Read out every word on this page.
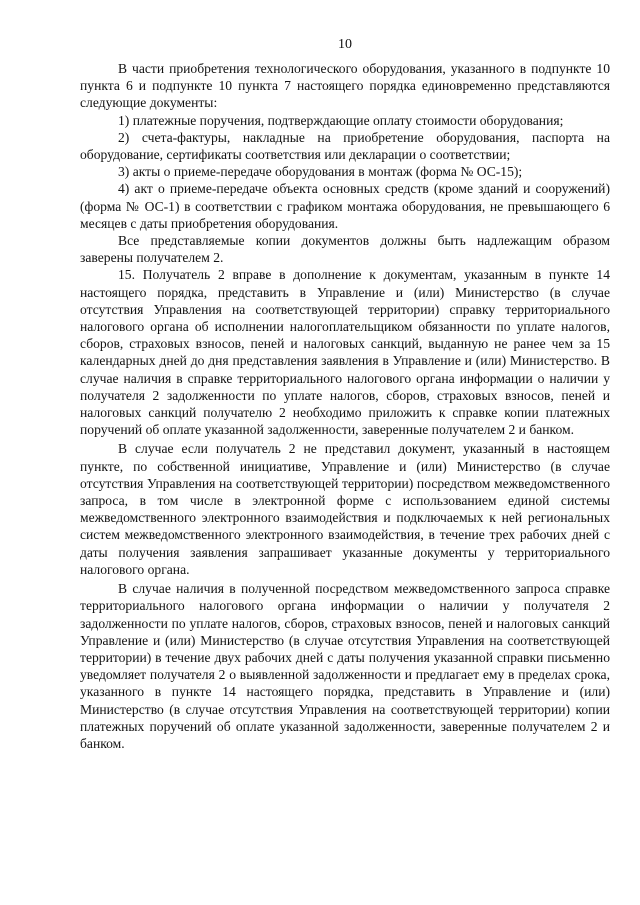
10

В части приобретения технологического оборудования, указанного в подпункте 10 пункта 6 и подпункте 10 пункта 7 настоящего порядка единовременно представляются следующие документы:

1) платежные поручения, подтверждающие оплату стоимости оборудования;

2) счета-фактуры, накладные на приобретение оборудования, паспорта на оборудование, сертификаты соответствия или декларации о соответствии;

3) акты о приеме-передаче оборудования в монтаж (форма № ОС-15);

4) акт о приеме-передаче объекта основных средств (кроме зданий и сооружений) (форма № ОС-1) в соответствии с графиком монтажа оборудования, не превышающего 6 месяцев с даты приобретения оборудования.

Все представляемые копии документов должны быть надлежащим образом заверены получателем 2.

15. Получатель 2 вправе в дополнение к документам, указанным в пункте 14 настоящего порядка, представить в Управление и (или) Министерство (в случае отсутствия Управления на соответствующей территории) справку территориального налогового органа об исполнении налогоплательщиком обязанности по уплате налогов, сборов, страховых взносов, пеней и налоговых санкций, выданную не ранее чем за 15 календарных дней до дня представления заявления в Управление и (или) Министерство. В случае наличия в справке территориального налогового органа информации о наличии у получателя 2 задолженности по уплате налогов, сборов, страховых взносов, пеней и налоговых санкций получателю 2 необходимо приложить к справке копии платежных поручений об оплате указанной задолженности, заверенные получателем 2 и банком.

В случае если получатель 2 не представил документ, указанный в настоящем пункте, по собственной инициативе, Управление и (или) Министерство (в случае отсутствия Управления на соответствующей территории) посредством межведомственного запроса, в том числе в электронной форме с использованием единой системы межведомственного электронного взаимодействия и подключаемых к ней региональных систем межведомственного электронного взаимодействия, в течение трех рабочих дней с даты получения заявления запрашивает указанные документы у территориального налогового органа.

В случае наличия в полученной посредством межведомственного запроса справке территориального налогового органа информации о наличии у получателя 2 задолженности по уплате налогов, сборов, страховых взносов, пеней и налоговых санкций Управление и (или) Министерство (в случае отсутствия Управления на соответствующей территории) в течение двух рабочих дней с даты получения указанной справки письменно уведомляет получателя 2 о выявленной задолженности и предлагает ему в пределах срока, указанного в пункте 14 настоящего порядка, представить в Управление и (или) Министерство (в случае отсутствия Управления на соответствующей территории) копии платежных поручений об оплате указанной задолженности, заверенные получателем 2 и банком.
